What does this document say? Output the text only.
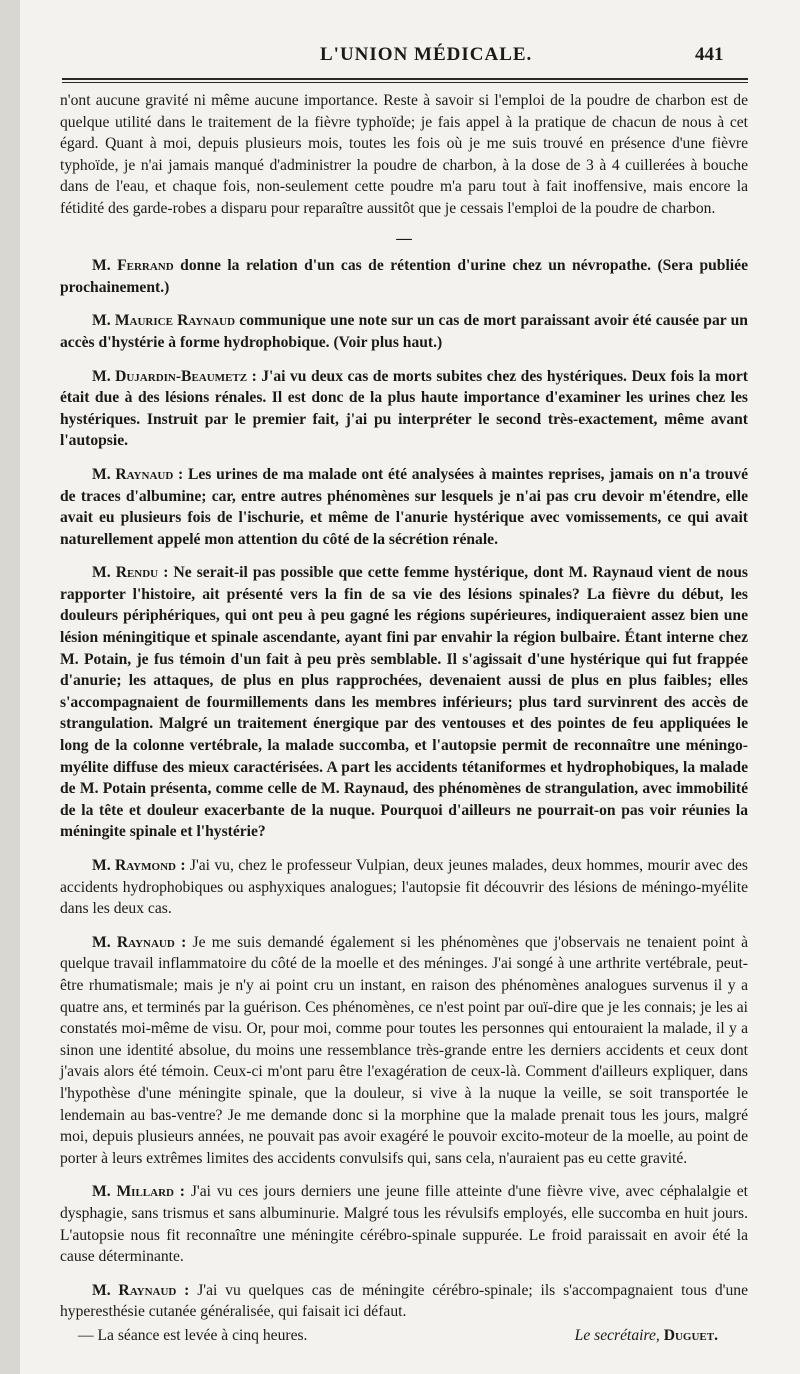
L'UNION MÉDICALE.	441

n'ont aucune gravité ni même aucune importance. Reste à savoir si l'emploi de la poudre de charbon est de quelque utilité dans le traitement de la fièvre typhoïde; je fais appel à la pratique de chacun de nous à cet égard. Quant à moi, depuis plusieurs mois, toutes les fois où je me suis trouvé en présence d'une fièvre typhoïde, je n'ai jamais manqué d'administrer la poudre de charbon, à la dose de 3 à 4 cuillerées à bouche dans de l'eau, et chaque fois, non-seulement cette poudre m'a paru tout à fait inoffensive, mais encore la fétidité des garde-robes a disparu pour reparaître aussitôt que je cessais l'emploi de la poudre de charbon.

—

M. Ferrand donne la relation d'un cas de rétention d'urine chez un névropathe. (Sera publiée prochainement.)

M. Maurice Raynaud communique une note sur un cas de mort paraissant avoir été causée par un accès d'hystérie à forme hydrophobique. (Voir plus haut.)

M. Dujardin-Beaumetz : J'ai vu deux cas de morts subites chez des hystériques. Deux fois la mort était due à des lésions rénales. Il est donc de la plus haute importance d'examiner les urines chez les hystériques. Instruit par le premier fait, j'ai pu interpréter le second très-exactement, même avant l'autopsie.

M. Raynaud : Les urines de ma malade ont été analysées à maintes reprises, jamais on n'a trouvé de traces d'albumine; car, entre autres phénomènes sur lesquels je n'ai pas cru devoir m'étendre, elle avait eu plusieurs fois de l'ischurie, et même de l'anurie hystérique avec vomissements, ce qui avait naturellement appelé mon attention du côté de la sécrétion rénale.

M. Rendu : Ne serait-il pas possible que cette femme hystérique, dont M. Raynaud vient de nous rapporter l'histoire, ait présenté vers la fin de sa vie des lésions spinales? La fièvre du début, les douleurs périphériques, qui ont peu à peu gagné les régions supérieures, indiqueraient assez bien une lésion méningitique et spinale ascendante, ayant fini par envahir la région bulbaire. Étant interne chez M. Potain, je fus témoin d'un fait à peu près semblable. Il s'agissait d'une hystérique qui fut frappée d'anurie; les attaques, de plus en plus rapprochées, devenaient aussi de plus en plus faibles; elles s'accompagnaient de fourmillements dans les membres inférieurs; plus tard survinrent des accès de strangulation. Malgré un traitement énergique par des ventouses et des pointes de feu appliquées le long de la colonne vertébrale, la malade succomba, et l'autopsie permit de reconnaître une méningo-myélite diffuse des mieux caractérisées. A part les accidents tétaniformes et hydrophobiques, la malade de M. Potain présenta, comme celle de M. Raynaud, des phénomènes de strangulation, avec immobilité de la tête et douleur exacerbante de la nuque. Pourquoi d'ailleurs ne pourrait-on pas voir réunies la méningite spinale et l'hystérie?

M. Raymond : J'ai vu, chez le professeur Vulpian, deux jeunes malades, deux hommes, mourir avec des accidents hydrophobiques ou asphyxiques analogues; l'autopsie fit découvrir des lésions de méningo-myélite dans les deux cas.

M. Raynaud : Je me suis demandé également si les phénomènes que j'observais ne tenaient point à quelque travail inflammatoire du côté de la moelle et des méninges. J'ai songé à une arthrite vertébrale, peut-être rhumatismale; mais je n'y ai point cru un instant, en raison des phénomènes analogues survenus il y a quatre ans, et terminés par la guérison. Ces phénomènes, ce n'est point par ouï-dire que je les connais; je les ai constatés moi-même de visu. Or, pour moi, comme pour toutes les personnes qui entouraient la malade, il y a sinon une identité absolue, du moins une ressemblance très-grande entre les derniers accidents et ceux dont j'avais alors été témoin. Ceux-ci m'ont paru être l'exagération de ceux-là. Comment d'ailleurs expliquer, dans l'hypothèse d'une méningite spinale, que la douleur, si vive à la nuque la veille, se soit transportée le lendemain au bas-ventre? Je me demande donc si la morphine que la malade prenait tous les jours, malgré moi, depuis plusieurs années, ne pouvait pas avoir exagéré le pouvoir excito-moteur de la moelle, au point de porter à leurs extrêmes limites des accidents convulsifs qui, sans cela, n'auraient pas eu cette gravité.

M. Millard : J'ai vu ces jours derniers une jeune fille atteinte d'une fièvre vive, avec céphalalgie et dysphagie, sans trismus et sans albuminurie. Malgré tous les révulsifs employés, elle succomba en huit jours. L'autopsie nous fit reconnaître une méningite cérébro-spinale suppurée. Le froid paraissait en avoir été la cause déterminante.

M. Raynaud : J'ai vu quelques cas de méningite cérébro-spinale; ils s'accompagnaient tous d'une hyperesthésie cutanée généralisée, qui faisait ici défaut.

— La séance est levée à cinq heures.	Le secrétaire, Duguet.
